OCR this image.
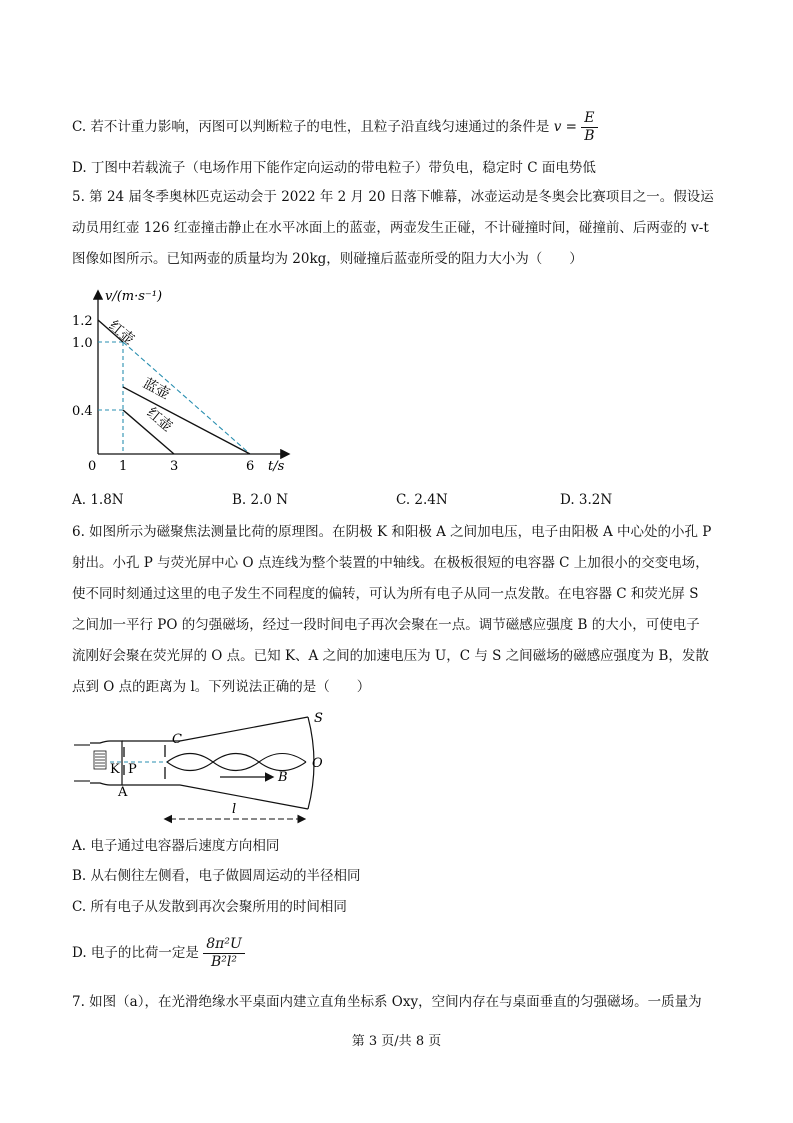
C. 若不计重力影响，丙图可以判断粒子的电性，且粒子沿直线匀速通过的条件是 $v = \frac{E}{B}$
D. 丁图中若载流子（电场作用下能作定向运动的带电粒子）带负电，稳定时 C 面电势低
5. 第 24 届冬季奥林匹克运动会于 2022 年 2 月 20 日落下帷幕，冰壶运动是冬奥会比赛项目之一。假设运
动员用红壶 126 红壶撞击静止在水平冰面上的蓝壶，两壶发生正碰，不计碰撞时间，碰撞前、后两壶的 v-t
图像如图所示。已知两壶的质量均为 20kg，则碰撞后蓝壶所受的阻力大小为（　　）
v/(m·s⁻¹)
1.2
1.0
0.4
0 1	3	6 t/s
红壶
蓝壶
红壶
A. 1.8N	B. 2.0 N	C. 2.4N	D. 3.2N
6. 如图所示为磁聚焦法测量比荷的原理图。在阴极 K 和阳极 A 之间加电压，电子由阳极 A 中心处的小孔 P
射出。小孔 P 与荧光屏中心 O 点连线为整个装置的中轴线。在极板很短的电容器 C 上加很小的交变电场，
使不同时刻通过这里的电子发生不同程度的偏转，可认为所有电子从同一点发散。在电容器 C 和荧光屏 S
之间加一平行 PO 的匀强磁场，经过一段时间电子再次会聚在一点。调节磁感应强度 B 的大小，可使电子
流刚好会聚在荧光屏的 O 点。已知 K、A 之间的加速电压为 U，C 与 S 之间磁场的磁感应强度为 B，发散
点到 O 点的距离为 l。下列说法正确的是（　　）
S
C
O
K P
A
B
l
A. 电子通过电容器后速度方向相同
B. 从右侧往左侧看，电子做圆周运动的半径相同
C. 所有电子从发散到再次会聚所用的时间相同
D. 电子的比荷一定是 $\frac{\text{8π²U}}{\text{B²l²}}$
7. 如图（a），在光滑绝缘水平桌面内建立直角坐标系 Oxy，空间内存在与桌面垂直的匀强磁场。一质量为
第 3 页/共 8 页
